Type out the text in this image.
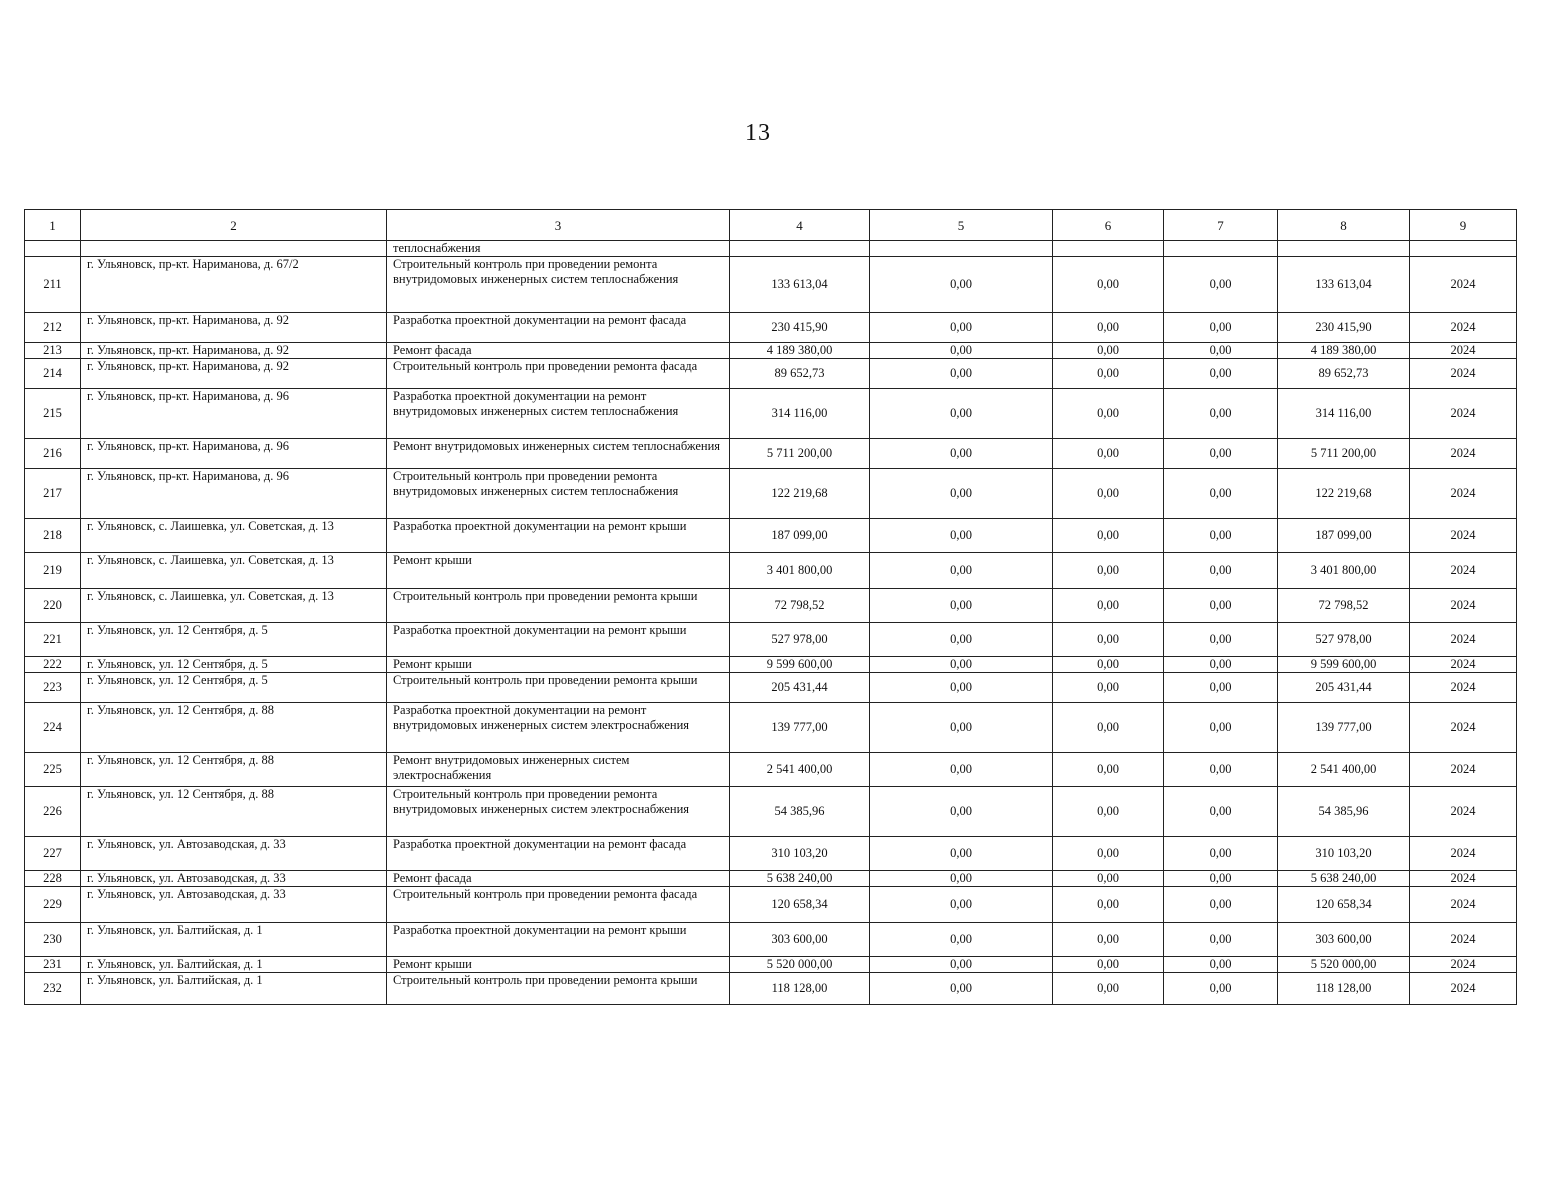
13
1	2	3	4	5	6	7	8	9
		теплоснабжения						
211	г. Ульяновск, пр-кт. Нариманова, д. 67/2	Строительный контроль при проведении ремонта внутридомовых инженерных систем теплоснабжения	133 613,04	0,00	0,00	0,00	133 613,04	2024
212	г. Ульяновск, пр-кт. Нариманова, д. 92	Разработка проектной документации на ремонт фасада	230 415,90	0,00	0,00	0,00	230 415,90	2024
213	г. Ульяновск, пр-кт. Нариманова, д. 92	Ремонт фасада	4 189 380,00	0,00	0,00	0,00	4 189 380,00	2024
214	г. Ульяновск, пр-кт. Нариманова, д. 92	Строительный контроль при проведении ремонта фасада	89 652,73	0,00	0,00	0,00	89 652,73	2024
215	г. Ульяновск, пр-кт. Нариманова, д. 96	Разработка проектной документации на ремонт внутридомовых инженерных систем теплоснабжения	314 116,00	0,00	0,00	0,00	314 116,00	2024
216	г. Ульяновск, пр-кт. Нариманова, д. 96	Ремонт внутридомовых инженерных систем теплоснабжения	5 711 200,00	0,00	0,00	0,00	5 711 200,00	2024
217	г. Ульяновск, пр-кт. Нариманова, д. 96	Строительный контроль при проведении ремонта внутридомовых инженерных систем теплоснабжения	122 219,68	0,00	0,00	0,00	122 219,68	2024
218	г. Ульяновск, с. Лаишевка, ул. Советская, д. 13	Разработка проектной документации на ремонт крыши	187 099,00	0,00	0,00	0,00	187 099,00	2024
219	г. Ульяновск, с. Лаишевка, ул. Советская, д. 13	Ремонт крыши	3 401 800,00	0,00	0,00	0,00	3 401 800,00	2024
220	г. Ульяновск, с. Лаишевка, ул. Советская, д. 13	Строительный контроль при проведении ремонта крыши	72 798,52	0,00	0,00	0,00	72 798,52	2024
221	г. Ульяновск, ул. 12 Сентября, д. 5	Разработка проектной документации на ремонт крыши	527 978,00	0,00	0,00	0,00	527 978,00	2024
222	г. Ульяновск, ул. 12 Сентября, д. 5	Ремонт крыши	9 599 600,00	0,00	0,00	0,00	9 599 600,00	2024
223	г. Ульяновск, ул. 12 Сентября, д. 5	Строительный контроль при проведении ремонта крыши	205 431,44	0,00	0,00	0,00	205 431,44	2024
224	г. Ульяновск, ул. 12 Сентября, д. 88	Разработка проектной документации на ремонт внутридомовых инженерных систем электроснабжения	139 777,00	0,00	0,00	0,00	139 777,00	2024
225	г. Ульяновск, ул. 12 Сентября, д. 88	Ремонт внутридомовых инженерных систем электроснабжения	2 541 400,00	0,00	0,00	0,00	2 541 400,00	2024
226	г. Ульяновск, ул. 12 Сентября, д. 88	Строительный контроль при проведении ремонта внутридомовых инженерных систем электроснабжения	54 385,96	0,00	0,00	0,00	54 385,96	2024
227	г. Ульяновск, ул. Автозаводская, д. 33	Разработка проектной документации на ремонт фасада	310 103,20	0,00	0,00	0,00	310 103,20	2024
228	г. Ульяновск, ул. Автозаводская, д. 33	Ремонт фасада	5 638 240,00	0,00	0,00	0,00	5 638 240,00	2024
229	г. Ульяновск, ул. Автозаводская, д. 33	Строительный контроль при проведении ремонта фасада	120 658,34	0,00	0,00	0,00	120 658,34	2024
230	г. Ульяновск, ул. Балтийская, д. 1	Разработка проектной документации на ремонт крыши	303 600,00	0,00	0,00	0,00	303 600,00	2024
231	г. Ульяновск, ул. Балтийская, д. 1	Ремонт крыши	5 520 000,00	0,00	0,00	0,00	5 520 000,00	2024
232	г. Ульяновск, ул. Балтийская, д. 1	Строительный контроль при проведении ремонта крыши	118 128,00	0,00	0,00	0,00	118 128,00	2024
